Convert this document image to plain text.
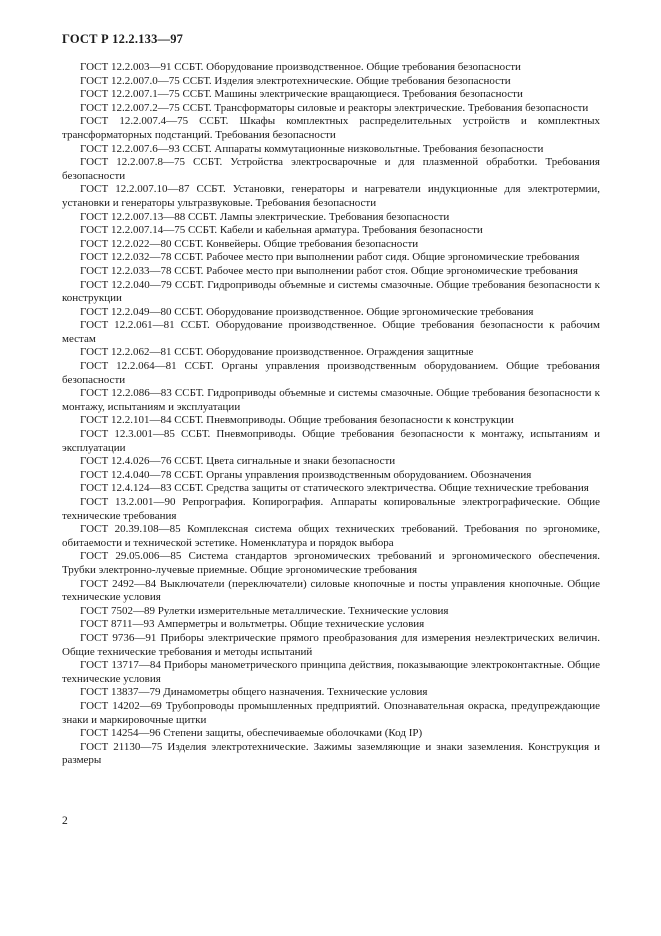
ГОСТ Р 12.2.133—97

ГОСТ 12.2.003—91 ССБТ. Оборудование производственное. Общие требования безопасности

ГОСТ 12.2.007.0—75 ССБТ. Изделия электротехнические. Общие требования безопасности

ГОСТ 12.2.007.1—75 ССБТ. Машины электрические вращающиеся. Требования безопасности

ГОСТ 12.2.007.2—75 ССБТ. Трансформаторы силовые и реакторы электрические. Требования безопасности

ГОСТ 12.2.007.4—75 ССБТ. Шкафы комплектных распределительных устройств и комплектных трансформаторных подстанций. Требования безопасности

ГОСТ 12.2.007.6—93 ССБТ. Аппараты коммутационные низковольтные. Требования безопасности

ГОСТ 12.2.007.8—75 ССБТ. Устройства электросварочные и для плазменной обработки. Требования безопасности

ГОСТ 12.2.007.10—87 ССБТ. Установки, генераторы и нагреватели индукционные для электротермии, установки и генераторы ультразвуковые. Требования безопасности

ГОСТ 12.2.007.13—88 ССБТ. Лампы электрические. Требования безопасности

ГОСТ 12.2.007.14—75 ССБТ. Кабели и кабельная арматура. Требования безопасности

ГОСТ 12.2.022—80 ССБТ. Конвейеры. Общие требования безопасности

ГОСТ 12.2.032—78 ССБТ. Рабочее место при выполнении работ сидя. Общие эргономические требования

ГОСТ 12.2.033—78 ССБТ. Рабочее место при выполнении работ стоя. Общие эргономические требования

ГОСТ 12.2.040—79 ССБТ. Гидроприводы объемные и системы смазочные. Общие требования безопасности к конструкции

ГОСТ 12.2.049—80 ССБТ. Оборудование производственное. Общие эргономические требования

ГОСТ 12.2.061—81 ССБТ. Оборудование производственное. Общие требования безопасности к рабочим местам

ГОСТ 12.2.062—81 ССБТ. Оборудование производственное. Ограждения защитные

ГОСТ 12.2.064—81 ССБТ. Органы управления производственным оборудованием. Общие требования безопасности

ГОСТ 12.2.086—83 ССБТ. Гидроприводы объемные и системы смазочные. Общие требования безопасности к монтажу, испытаниям и эксплуатации

ГОСТ 12.2.101—84 ССБТ. Пневмоприводы. Общие требования безопасности к конструкции

ГОСТ 12.3.001—85 ССБТ. Пневмоприводы. Общие требования безопасности к монтажу, испытаниям и эксплуатации

ГОСТ 12.4.026—76 ССБТ. Цвета сигнальные и знаки безопасности

ГОСТ 12.4.040—78 ССБТ. Органы управления производственным оборудованием. Обозначения

ГОСТ 12.4.124—83 ССБТ. Средства защиты от статического электричества. Общие технические требования

ГОСТ 13.2.001—90 Репрография. Копирография. Аппараты копировальные электрографические. Общие технические требования

ГОСТ 20.39.108—85 Комплексная система общих технических требований. Требования по эргономике, обитаемости и технической эстетике. Номенклатура и порядок выбора

ГОСТ 29.05.006—85 Система стандартов эргономических требований и эргономического обеспечения. Трубки электронно-лучевые приемные. Общие эргономические требования

ГОСТ 2492—84 Выключатели (переключатели) силовые кнопочные и посты управления кнопочные. Общие технические условия

ГОСТ 7502—89 Рулетки измерительные металлические. Технические условия

ГОСТ 8711—93 Амперметры и вольтметры. Общие технические условия

ГОСТ 9736—91 Приборы электрические прямого преобразования для измерения неэлектрических величин. Общие технические требования и методы испытаний

ГОСТ 13717—84 Приборы манометрического принципа действия, показывающие электроконтактные. Общие технические условия

ГОСТ 13837—79 Динамометры общего назначения. Технические условия

ГОСТ 14202—69 Трубопроводы промышленных предприятий. Опознавательная окраска, предупреждающие знаки и маркировочные щитки

ГОСТ 14254—96 Степени защиты, обеспечиваемые оболочками (Код IP)

ГОСТ 21130—75 Изделия электротехнические. Зажимы заземляющие и знаки заземления. Конструкция и размеры

2
